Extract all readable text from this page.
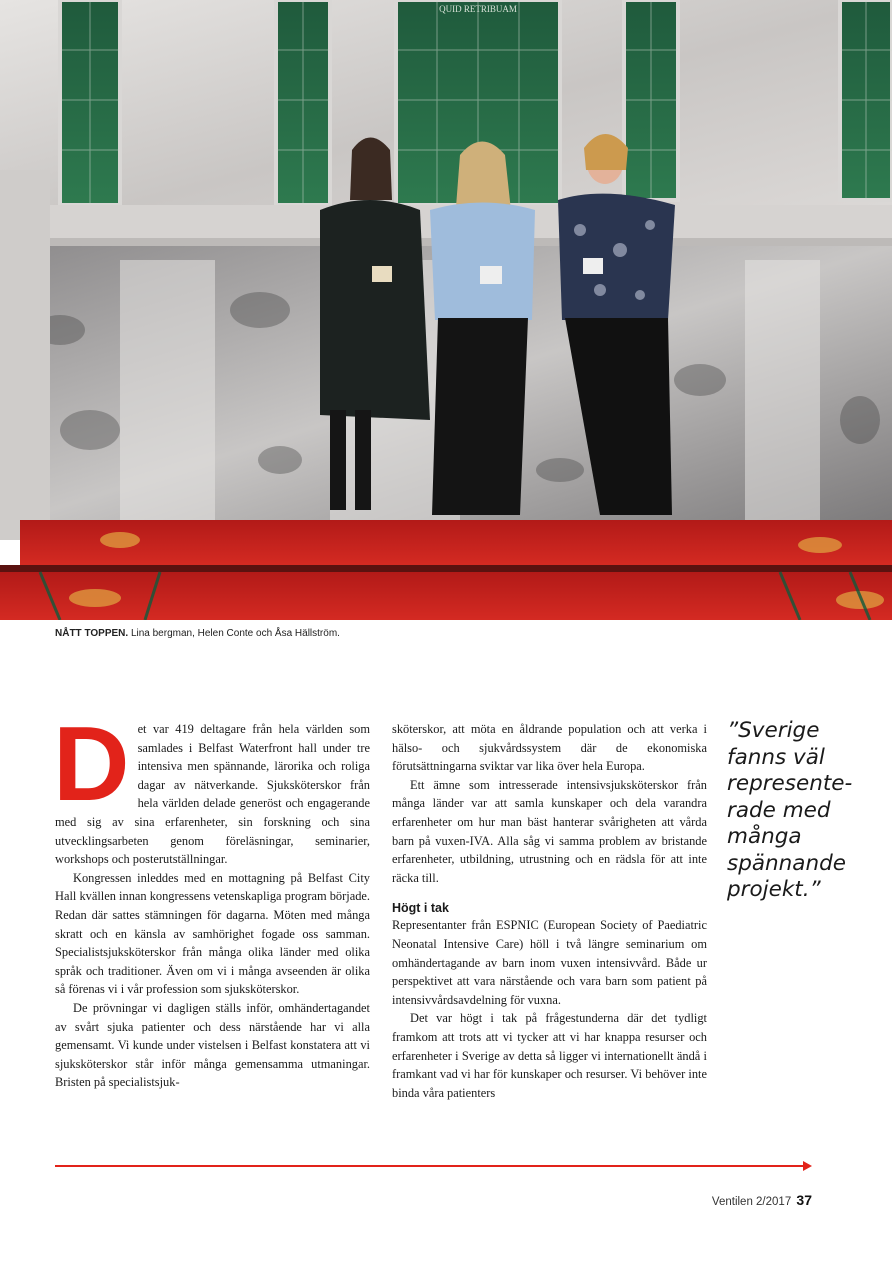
QUID RETRIBUAM
NÅTT TOPPEN. Lina bergman, Helen Conte och Åsa Hällström.

Det var 419 deltagare från hela världen som samlades i Belfast Waterfront hall under tre intensiva men spännande, lärorika och roliga dagar av nätverkande. Sjuksköterskor från hela världen delade generöst och engagerande med sig av sina erfarenheter, sin forskning och sina utvecklingsarbeten genom föreläsningar, seminarier, workshops och posterutställningar.

Kongressen inleddes med en mottagning på Belfast City Hall kvällen innan kongressens vetenskapliga program började. Redan där sattes stämningen för dagarna. Möten med många skratt och en känsla av samhörighet fogade oss samman. Specialistsjuksköterskor från många olika länder med olika språk och traditioner. Även om vi i många avseenden är olika så förenas vi i vår profession som sjuksköterskor.

De prövningar vi dagligen ställs inför, omhändertagandet av svårt sjuka patienter och dess närstående har vi alla gemensamt. Vi kunde under vistelsen i Belfast konstatera att vi sjuksköterskor står inför många gemensamma utmaningar. Bristen på specialistsjuk-

sköterskor, att möta en åldrande population och att verka i hälso- och sjukvårdssystem där de ekonomiska förutsättningarna sviktar var lika över hela Europa.

Ett ämne som intresserade intensivsjuksköterskor från många länder var att samla kunskaper och dela varandra erfarenheter om hur man bäst hanterar svårigheten att vårda barn på vuxen-IVA. Alla såg vi samma problem av bristande erfarenheter, utbildning, utrustning och en rädsla för att inte räcka till.

Högt i tak

Representanter från ESPNIC (European Society of Paediatric Neonatal Intensive Care) höll i två längre seminarium om omhändertagande av barn inom vuxen intensivvård. Både ur perspektivet att vara närstående och vara barn som patient på intensivvårdsavdelning för vuxna.

Det var högt i tak på frågestunderna där det tydligt framkom att trots att vi tycker att vi har knappa resurser och erfarenheter i Sverige av detta så ligger vi internationellt ändå i framkant vad vi har för kunskaper och resurser. Vi behöver inte binda våra patienters

”Sverige fanns väl represente-rade med många spännande projekt.”
Ventilen 2/2017 37
